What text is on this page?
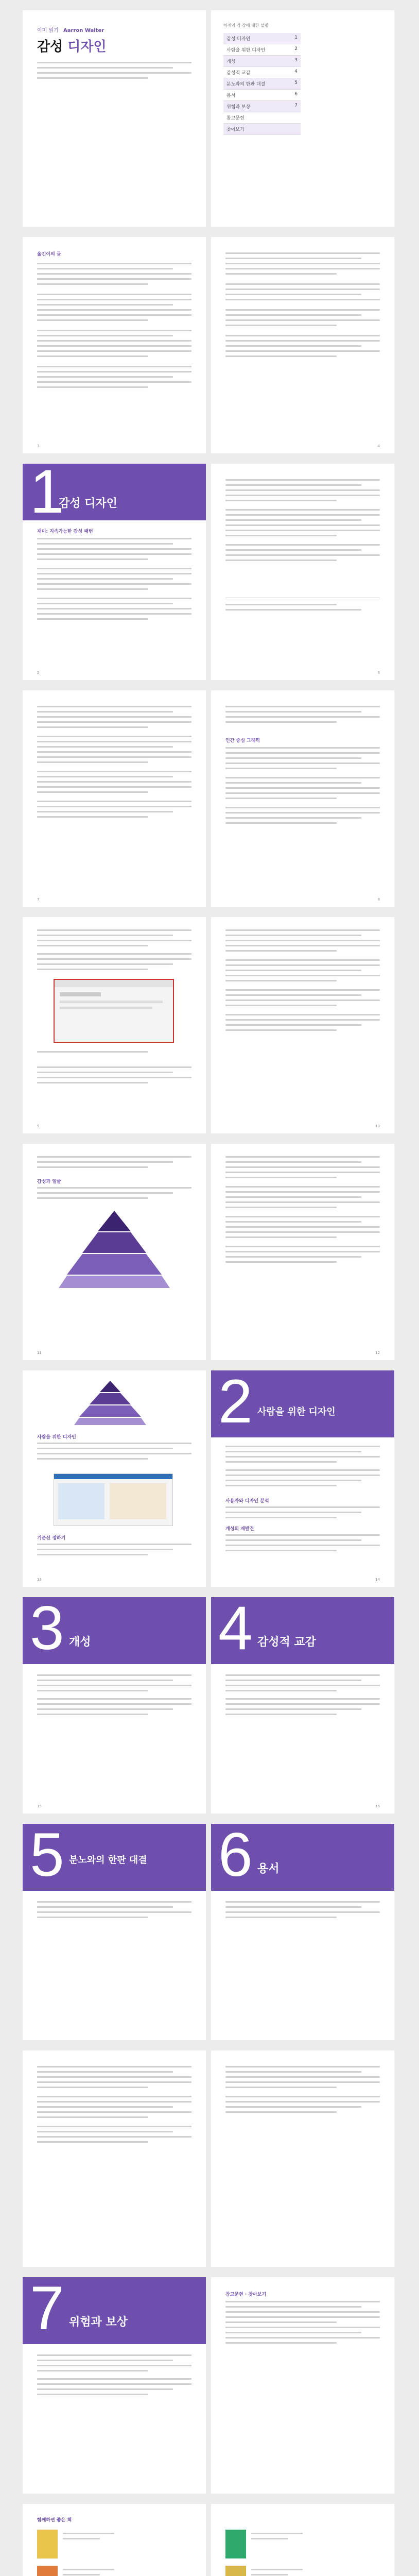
이미 읽기 Aarron Walter
감성 디자인
차례와 각 장에 대한 설명
감성 디자인	1
사람을 위한 디자인	2
개성	3
감성적 교감	4
분노와의 한판 대결	5
용서	6
위험과 보상	7
참고문헌
찾아보기
옮긴이의 글
3	4
1
감성 디자인
재미: 지속가능한 감성 패턴
5	6
7
인간 중심 그래픽
8
9	10
감성과 얼굴
11	12
사람을 위한 디자인
기준선 정하기
13
2 사람을 위한 디자인
사용자와 디자인 분석
개성의 재발견
14
3 개성
15
4 감성적 교감
16
5 분노와의 한판 대결	6 용서
7 위험과 보상
참고문헌 · 찾아보기
함께하면 좋은 책
